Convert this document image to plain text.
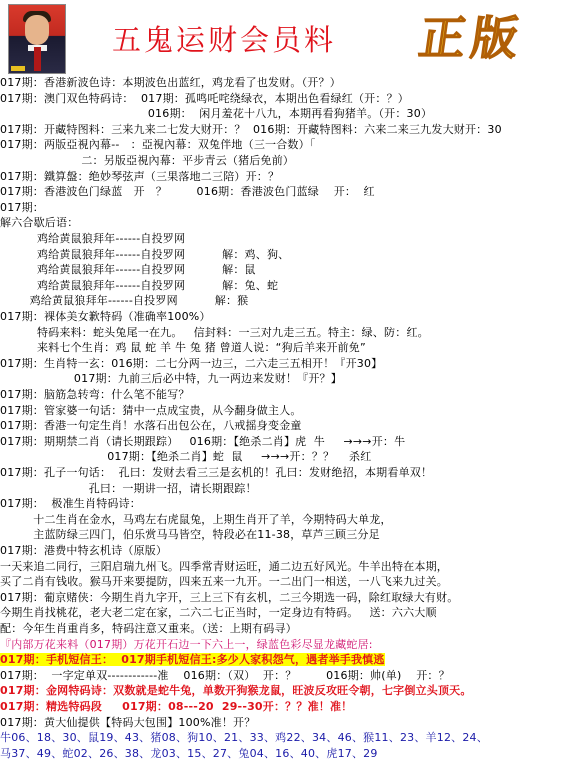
五鬼运财会员料 正版
017期：香港新波色诗：本期波色出蓝红，鸡龙看了也发财。（开？）
017期：澳门双色特码诗：  017期：孤鸣吒咤绕绿衣，本期出色看绿红（开：？）
016期：  闲月羞花十八九，本期再看狗猪羊。（开：30）
017期：开藏特图料：三来九来二七发大财开：？  016期：开藏特图料：六来二来三九发大财开：30
017期：两版亞視內幕--   ：亞視內幕：双兔伴地（三一合数）「
二：另版亞視內幕：平步青云（猪后免前）
017期：鐵算盤：绝妙琴弦声（三果落地二三陪）开：？
017期：香港波色门绿蓝   开   ？        016期：香港波色门蓝绿    开：  红
017期：
解六合歇后语：
鸡给黄鼠狼拜年------自投罗网
鸡给黄鼠狼拜年------自投罗网          解：鸡、狗、
鸡给黄鼠狼拜年------自投罗网          解：鼠
鸡给黄鼠狼拜年------自投罗网          解：兔、蛇
鸡给黄鼠狼拜年------自投罗网          解：猴
017期：裸体美女歉特码（准确率100%）
特码来料：蛇头兔尾一在九。   信封料：一三对九走三五。特主：绿、防：红。
来料七个生肖：鸡 鼠 蛇 羊 牛 兔 猪 曾道人说：“狗后羊来开前免”
017期：生肖特一玄：016期：二七分两一边三，二六走三五相开！『开30】
017期：九前三后必中特，九一两边来发财！『开？】
017期：脑筋急转弯：什么笔不能写？
017期：管家婆一句话：猜中一点成宝贵，从今翻身做主人。
017期：香港一句定生肖！水落石出包公在，八戒摇身变金童
017期：期期禁二肖（请长期跟踪）   016期：【绝杀二肖】虎  牛     →→→开：牛
017期：【绝杀二肖】蛇  鼠     →→→开：？？    杀红
017期：孔子一句话：  孔曰：发财去看三三是玄机的！孔曰：发财绝招，本期看单双！
孔曰：一期讲一招，请长期跟踪！
017期：  极准生肖特码诗：
十二生肖在金水，马鸡左右虎鼠兔，上期生肖开了羊，今期特码大单龙，
主蓝防绿三四门，伯乐赏马马皆空，特段必在11-38，草芦三顾三分足
017期：港费中特玄机诗（原版）
一天来追二同行，三阳启瑞九州飞。四季常青财运旺，通二边五好风光。牛羊出特在本期，
买了二肖有钱收。猴马开来要提防，四来五来一九开。一二出门一相送，一八飞来九过关。
017期：葡京赌侠：今期生肖九字开，三上三下有玄机，二三今期选一码，除红取绿大有财。
今期生肖找桃花，老大老二定在家，二六二七正当时，一定身边有特码。   送：六六大顺
配：今年生肖重肖多，特码注意又重来。（送：上期有码寻）
『内部万花来料（017期）万花开石边一下六上一，绿蓝色彩尽显龙藏蛇居:
017期：手机短信王：  017期手机短信王:多少人家积怨气，遇者举手我慎逃
017期：  一字定单双------------准    016期：（双）  开：？        016期：帅(单)    开：？
017期：金网特码诗：双数就是蛇牛兔，单数开狗猴龙鼠，旺波反攻旺令朝，七字倒立头顶天。
017期：精选特码段     017期：08---20  29--30开：？？准！准！
017期：黄大仙提供【特码大包围】100%准！开？
牛06、18、30、鼠19、43、猪08、狗10、21、33、鸡22、34、46、猴11、23、羊12、24、
马37、49、蛇02、26、38、龙03、15、27、兔04、16、40、虎17、29
